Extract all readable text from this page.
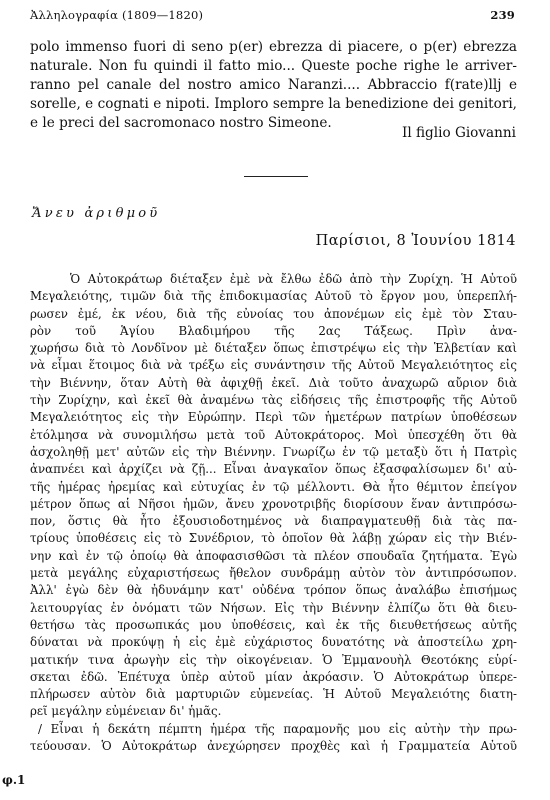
Ἀλληλογραφία (1809—1820)	239
polo immenso fuori di seno p(er) ebrezza di piacere, o p(er) ebrezza
naturale. Non fu quindi il fatto mio... Queste poche righe le arriver-
ranno pel canale del nostro amico Naranzi.... Abbraccio f(rate)llj e
sorelle, e cognati e nipoti. Imploro sempre la benedizione dei genitori,
e le preci del sacromonaco nostro Simeone.
Il figlio Giovanni
Ἄνευ ἀριθμοῦ
Παρίσιοι, 8 Ἰουνίου 1814
Ὁ Αὐτοκράτωρ διέταξεν ἐμὲ νὰ ἔλθω ἐδῶ ἀπὸ τὴν Ζυρίχη. Ἡ Αὐτοῦ
Μεγαλειότης, τιμῶν διὰ τῆς ἐπιδοκιμασίας Αὐτοῦ τὸ ἔργον μου, ὑπερεπλή-
ρωσεν ἐμέ, ἐκ νέου, διὰ τῆς εὐνοίας του ἀπονέμων εἰς ἐμὲ τὸν Σταυ-
ρὸν τοῦ Ἁγίου Βλαδιμήρου τῆς 2ας Τάξεως. Πρὶν ἀνα-
χωρήσω διὰ τὸ Λονδῖνον μὲ διέταξεν ὅπως ἐπιστρέψω εἰς τὴν Ἑλβετίαν καὶ
νὰ εἶμαι ἕτοιμος διὰ νὰ τρέξω εἰς συνάντησιν τῆς Αὐτοῦ Μεγαλειότητος εἰς
τὴν Βιέννην, ὅταν Αὐτὴ θὰ ἀφιχθῇ ἐκεῖ. Διὰ τοῦτο ἀναχωρῶ αὔριον διὰ
τὴν Ζυρίχην, καὶ ἐκεῖ θὰ ἀναμένω τὰς εἰδήσεις τῆς ἐπιστροφῆς τῆς Αὐτοῦ
Μεγαλειότητος εἰς τὴν Εὐρώπην. Περὶ τῶν ἡμετέρων πατρίων ὑποθέσεων
ἐτόλμησα νὰ συνομιλήσω μετὰ τοῦ Αὐτοκράτορος. Μοὶ ὑπεσχέθη ὅτι θὰ
ἀσχοληθῇ μετ' αὐτῶν εἰς τὴν Βιέννην. Γνωρίζω ἐν τῷ μεταξὺ ὅτι ἡ Πατρὶς
ἀναπνέει καὶ ἀρχίζει νὰ ζῇ... Εἶναι ἀναγκαῖον ὅπως ἐξασφαλίσωμεν δι' αὐ-
τῆς ἡμέρας ἠρεμίας καὶ εὐτυχίας ἐν τῷ μέλλοντι. Θὰ ἦτο θέμιτον ἐπείγον
μέτρον ὅπως αἱ Νῆσοι ἡμῶν, ἄνευ χρονοτριβῆς διορίσουν ἕναν ἀντιπρόσω-
πον, ὅστις θὰ ἦτο ἐξουσιοδοτημένος νὰ διαπραγματευθῇ διὰ τὰς πα-
τρίους ὑποθέσεις εἰς τὸ Συνέδριον, τὸ ὁποῖον θὰ λάβῃ χώραν εἰς τὴν Βιέν-
νην καὶ ἐν τῷ ὁποίῳ θὰ ἀποφασισθῶσι τὰ πλέον σπουδαῖα ζητήματα. Ἐγὼ
μετὰ μεγάλης εὐχαριστήσεως ἤθελον συνδράμῃ αὐτὸν τὸν ἀντιπρόσωπον.
Ἀλλ' ἐγὼ δὲν θὰ ἠδυνάμην κατ' οὐδένα τρόπον ὅπως ἀναλάβω ἐπισήμως
λειτουργίας ἐν ὀνόματι τῶν Νήσων. Εἰς τὴν Βιέννην ἐλπίζω ὅτι θὰ διευ-
θετήσω τὰς προσωπικάς μου ὑποθέσεις, καὶ ἐκ τῆς διευθετήσεως αὐτῆς
δύναται νὰ προκύψῃ ἡ εἰς ἐμὲ εὐχάριστος δυνατότης νὰ ἀποστείλω χρη-
ματικήν τινα ἀρωγὴν εἰς τὴν οἰκογένειαν. Ὁ Ἐμμανουὴλ Θεοτόκης εὑρί-
σκεται ἐδῶ. Ἐπέτυχα ὑπὲρ αὐτοῦ μίαν ἀκρόασιν. Ὁ Αὐτοκράτωρ ὑπερε-
πλήρωσεν αὐτὸν διὰ μαρτυριῶν εὐμενείας. Ἡ Αὐτοῦ Μεγαλειότης διατη-
ρεῖ μεγάλην εὐμένειαν δι' ἡμᾶς.
/ Εἶναι ἡ δεκάτη πέμπτη ἡμέρα τῆς παραμονῆς μου εἰς αὐτὴν τὴν πρω-
τεύουσαν. Ὁ Αὐτοκράτωρ ἀνεχώρησεν προχθὲς καὶ ἡ Γραμματεία Αὐτοῦ
φ.1
